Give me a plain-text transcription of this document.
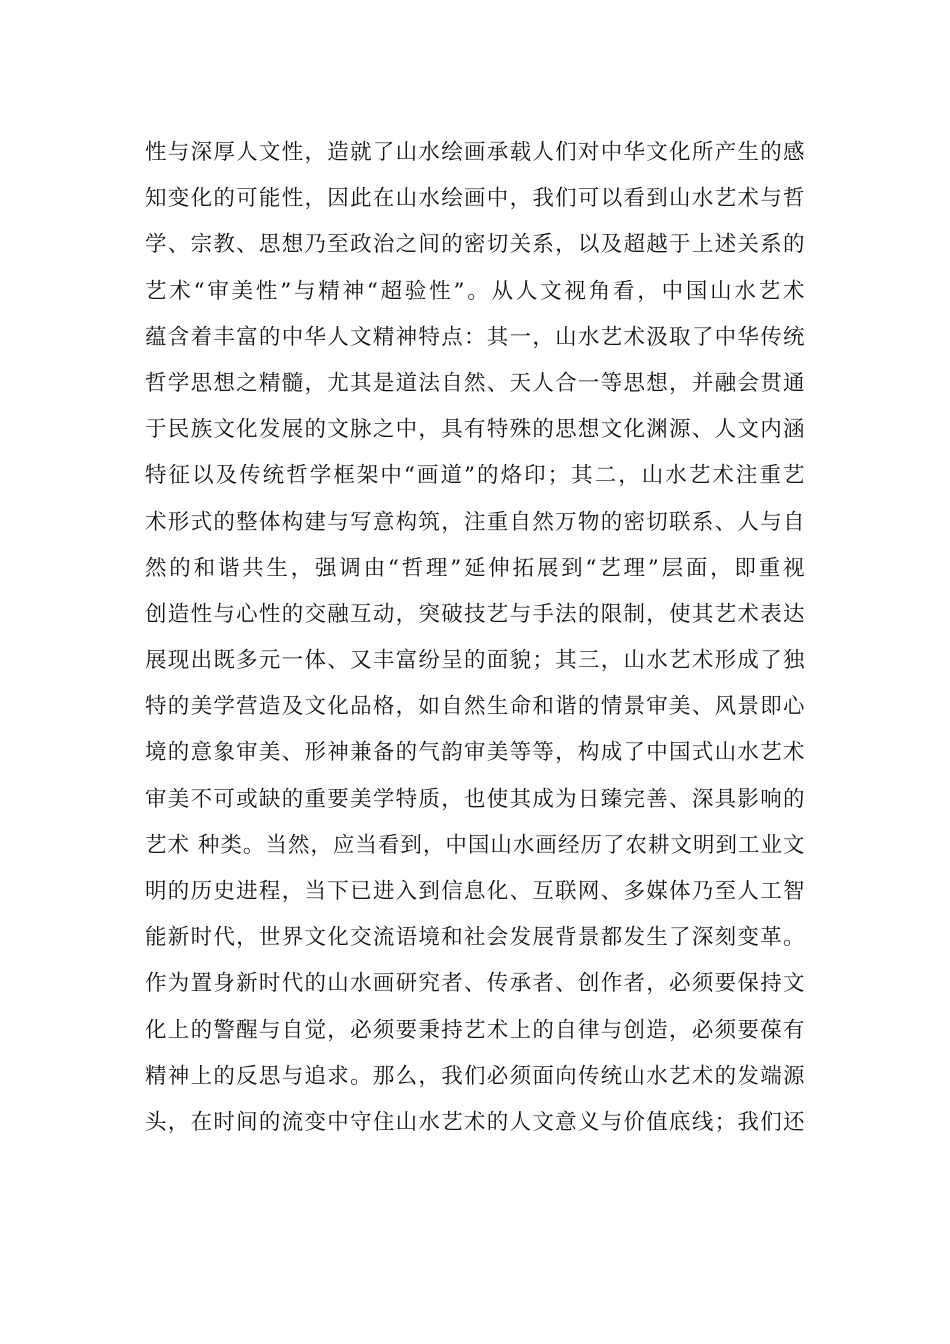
性与深厚人文性，造就了山水绘画承载人们对中华文化所产生的感
知变化的可能性，因此在山水绘画中，我们可以看到山水艺术与哲
学、宗教、思想乃至政治之间的密切关系，以及超越于上述关系的
艺术“审美性”与精神“超验性”。从人文视角看，中国山水艺术
蕴含着丰富的中华人文精神特点：其一，山水艺术汲取了中华传统
哲学思想之精髓，尤其是道法自然、天人合一等思想，并融会贯通
于民族文化发展的文脉之中，具有特殊的思想文化渊源、人文内涵
特征以及传统哲学框架中“画道”的烙印；其二，山水艺术注重艺
术形式的整体构建与写意构筑，注重自然万物的密切联系、人与自
然的和谐共生，强调由“哲理”延伸拓展到“艺理”层面，即重视
创造性与心性的交融互动，突破技艺与手法的限制，使其艺术表达
展现出既多元一体、又丰富纷呈的面貌；其三，山水艺术形成了独
特的美学营造及文化品格，如自然生命和谐的情景审美、风景即心
境的意象审美、形神兼备的气韵审美等等，构成了中国式山水艺术
审美不可或缺的重要美学特质，也使其成为日臻完善、深具影响的
艺术 种类。当然，应当看到，中国山水画经历了农耕文明到工业文
明的历史进程，当下已进入到信息化、互联网、多媒体乃至人工智
能新时代，世界文化交流语境和社会发展背景都发生了深刻变革。
作为置身新时代的山水画研究者、传承者、创作者，必须要保持文
化上的警醒与自觉，必须要秉持艺术上的自律与创造，必须要葆有
精神上的反思与追求。那么，我们必须面向传统山水艺术的发端源
头，在时间的流变中守住山水艺术的人文意义与价值底线；我们还
